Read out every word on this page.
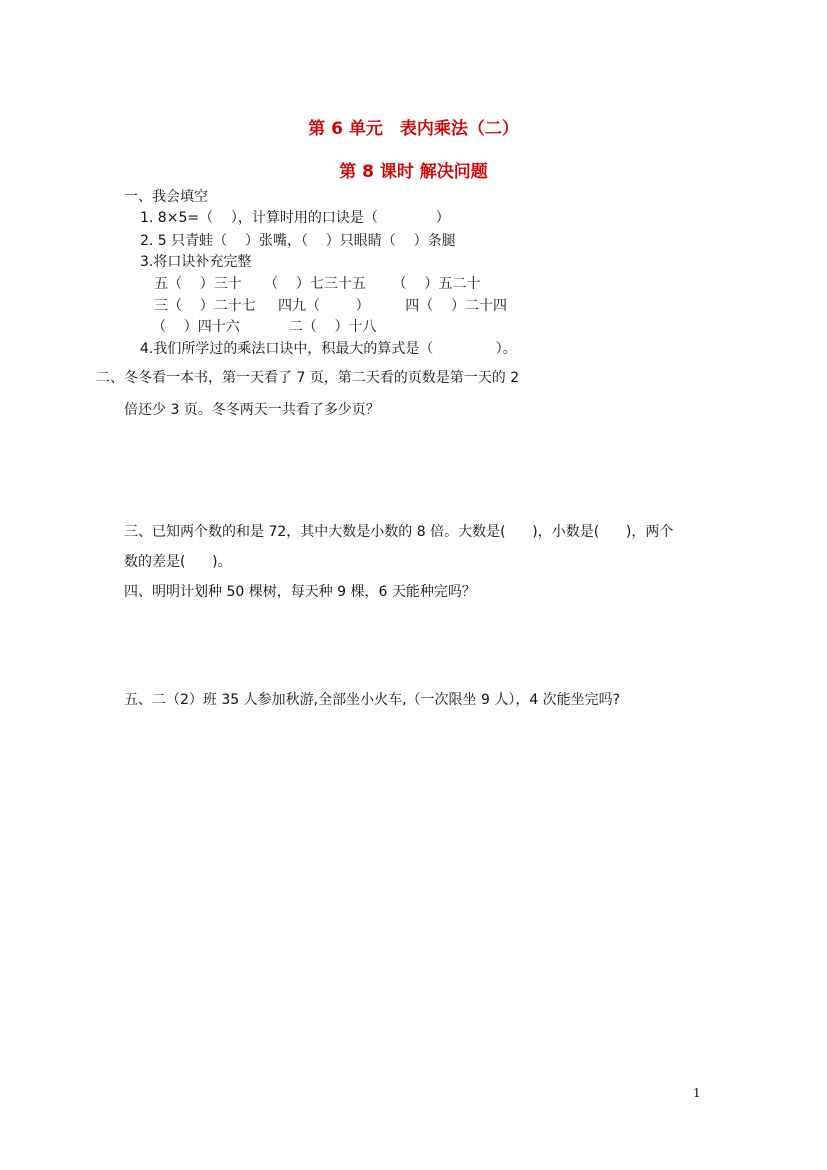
第 6 单元　表内乘法（二）
第 8 课时 解决问题
一、我会填空
1. 8×5=（    ），计算时用的口诀是（             ）
2. 5 只青蛙（    ）张嘴，（    ）只眼睛（    ）条腿
3.将口诀补充完整
五（    ）三十     （    ）七三十五      （    ）五二十
三（    ）二十七     四九（        ）        四（    ）二十四
（    ）四十六           二（    ）十八
4.我们所学过的乘法口诀中，积最大的算式是（              ）。
二、冬冬看一本书，第一天看了 7 页，第二天看的页数是第一天的 2
倍还少 3 页。冬冬两天一共看了多少页？
三、已知两个数的和是 72，其中大数是小数的 8 倍。大数是(      )，小数是(      )，两个
数的差是(      )。
四、明明计划种 50 棵树，每天种 9 棵，6 天能种完吗？
五、二（2）班 35 人参加秋游,全部坐小火车,（一次限坐 9 人），4 次能坐完吗?
1
